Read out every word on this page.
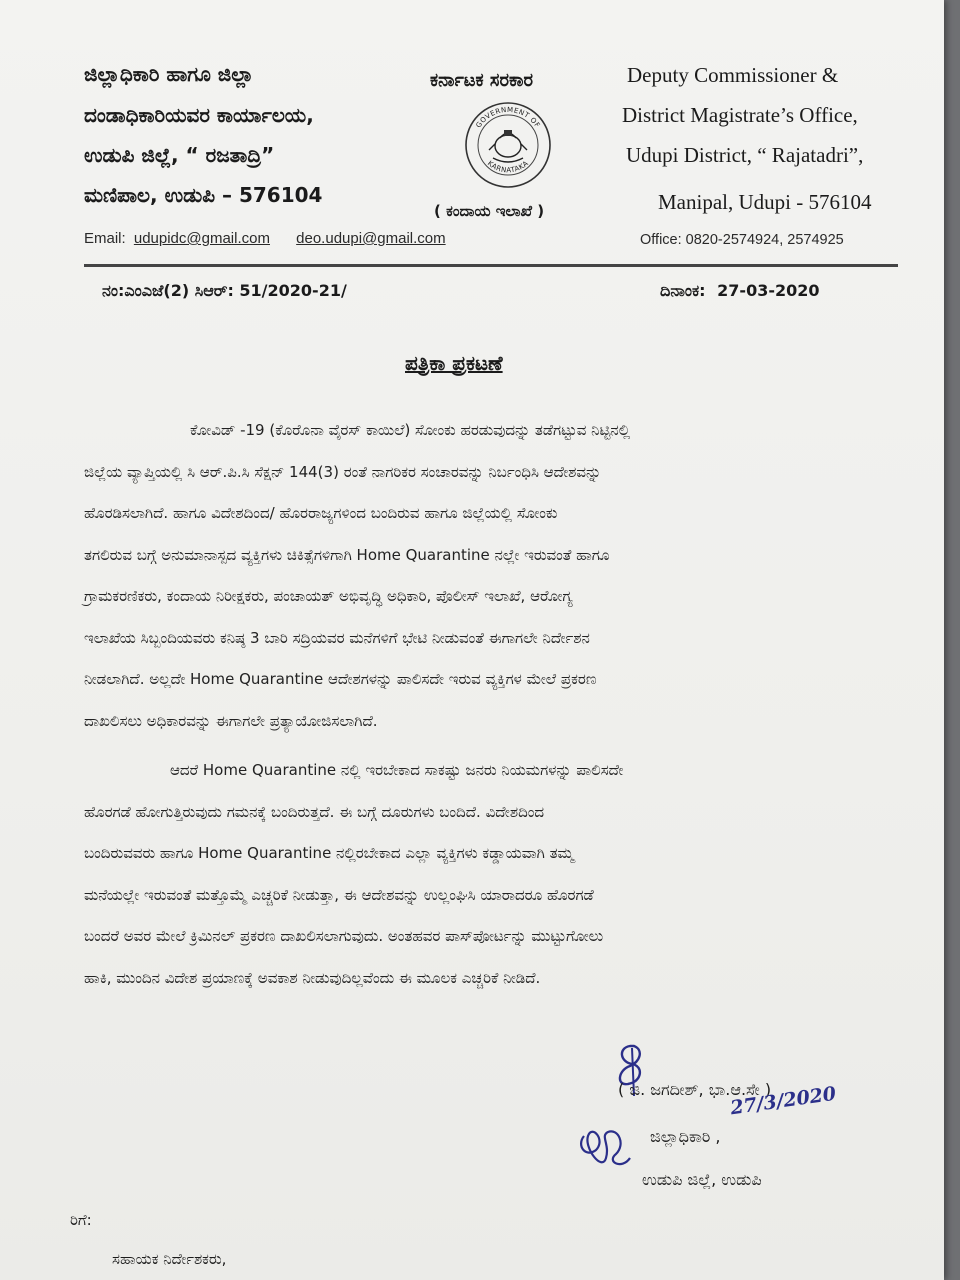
ಜಿಲ್ಲಾಧಿಕಾರಿ ಹಾಗೂ ಜಿಲ್ಲಾ
ದಂಡಾಧಿಕಾರಿಯವರ ಕಾರ್ಯಾಲಯ,
ಉಡುಪಿ ಜಿಲ್ಲೆ, “ ರಜತಾದ್ರಿ”
ಮಣಿಪಾಲ, ಉಡುಪಿ – 576104
ಕರ್ನಾಟಕ ಸರಕಾರ
GOVERNMENT OF
KARNATAKA
( ಕಂದಾಯ ಇಲಾಖೆ )
Deputy Commissioner &
District Magistrate’s Office,
Udupi District, “ Rajatadri”,
Manipal, Udupi - 576104
Email: udupidc@gmail.com deo.udupi@gmail.com	Office: 0820-2574924, 2574925
ನಂ:ಎಂಎಜೆ(2) ಸಿಆರ್: 51/2020-21/	ದಿನಾಂಕ: 27-03-2020
ಪತ್ರಿಕಾ ಪ್ರಕಟಣೆ
ಕೋವಿಡ್ -19 (ಕೊರೊನಾ ವೈರಸ್ ಕಾಯಿಲೆ) ಸೋಂಕು ಹರಡುವುದನ್ನು ತಡೆಗಟ್ಟುವ ನಿಟ್ಟಿನಲ್ಲಿ
ಜಿಲ್ಲೆಯ ವ್ಯಾಪ್ತಿಯಲ್ಲಿ ಸಿ ಆರ್.ಪಿ.ಸಿ ಸೆಕ್ಷನ್ 144(3) ರಂತೆ ನಾಗರಿಕರ ಸಂಚಾರವನ್ನು ನಿರ್ಬಂಧಿಸಿ ಆದೇಶವನ್ನು
ಹೊರಡಿಸಲಾಗಿದೆ. ಹಾಗೂ ವಿದೇಶದಿಂದ/ ಹೊರರಾಜ್ಯಗಳಿಂದ ಬಂದಿರುವ ಹಾಗೂ ಜಿಲ್ಲೆಯಲ್ಲಿ ಸೋಂಕು
ತಗಲಿರುವ ಬಗ್ಗೆ ಅನುಮಾನಾಸ್ಪದ ವ್ಯಕ್ತಿಗಳು ಚಿಕಿತ್ಸೆಗಳಿಗಾಗಿ Home Quarantine ನಲ್ಲೇ ಇರುವಂತೆ ಹಾಗೂ
ಗ್ರಾಮಕರಣಿಕರು, ಕಂದಾಯ ನಿರೀಕ್ಷಕರು, ಪಂಚಾಯತ್ ಅಭಿವೃದ್ಧಿ ಅಧಿಕಾರಿ, ಪೊಲೀಸ್ ಇಲಾಖೆ, ಆರೋಗ್ಯ
ಇಲಾಖೆಯ ಸಿಬ್ಬಂದಿಯವರು ಕನಿಷ್ಠ 3 ಬಾರಿ ಸದ್ರಿಯವರ ಮನೆಗಳಿಗೆ ಭೇಟಿ ನೀಡುವಂತೆ ಈಗಾಗಲೇ ನಿರ್ದೇಶನ
ನೀಡಲಾಗಿದೆ. ಅಲ್ಲದೇ Home Quarantine ಆದೇಶಗಳನ್ನು ಪಾಲಿಸದೇ ಇರುವ ವ್ಯಕ್ತಿಗಳ ಮೇಲೆ ಪ್ರಕರಣ
ದಾಖಲಿಸಲು ಅಧಿಕಾರವನ್ನು ಈಗಾಗಲೇ ಪ್ರತ್ಯಾಯೋಜಿಸಲಾಗಿದೆ.
ಆದರೆ Home Quarantine ನಲ್ಲಿ ಇರಬೇಕಾದ ಸಾಕಷ್ಟು ಜನರು ನಿಯಮಗಳನ್ನು ಪಾಲಿಸದೇ
ಹೊರಗಡೆ ಹೋಗುತ್ತಿರುವುದು ಗಮನಕ್ಕೆ ಬಂದಿರುತ್ತದೆ. ಈ ಬಗ್ಗೆ ದೂರುಗಳು ಬಂದಿದೆ. ವಿದೇಶದಿಂದ
ಬಂದಿರುವವರು ಹಾಗೂ Home Quarantine ನಲ್ಲಿರಬೇಕಾದ ಎಲ್ಲಾ ವ್ಯಕ್ತಿಗಳು ಕಡ್ಡಾಯವಾಗಿ ತಮ್ಮ
ಮನೆಯಲ್ಲೇ ಇರುವಂತೆ ಮತ್ತೊಮ್ಮೆ ಎಚ್ಚರಿಕೆ ನೀಡುತ್ತಾ, ಈ ಆದೇಶವನ್ನು ಉಲ್ಲಂಘಿಸಿ ಯಾರಾದರೂ ಹೊರಗಡೆ
ಬಂದರೆ ಅವರ ಮೇಲೆ ಕ್ರಿಮಿನಲ್ ಪ್ರಕರಣ ದಾಖಲಿಸಲಾಗುವುದು. ಅಂತಹವರ ಪಾಸ್‌ಪೋರ್ಟನ್ನು ಮುಟ್ಟುಗೋಲು
ಹಾಕಿ, ಮುಂದಿನ ವಿದೇಶ ಪ್ರಯಾಣಕ್ಕೆ ಅವಕಾಶ ನೀಡುವುದಿಲ್ಲವೆಂದು ಈ ಮೂಲಕ ಎಚ್ಚರಿಕೆ ನೀಡಿದೆ.
( ಜಿ. ಜಗದೀಶ್, ಭಾ.ಆ.ಸೇ )
27/3/2020
ಜಿಲ್ಲಾಧಿಕಾರಿ ,
ಉಡುಪಿ ಜಿಲ್ಲೆ, ಉಡುಪಿ
ರಿಗೆ:
ಸಹಾಯಕ ನಿರ್ದೇಶಕರು,
